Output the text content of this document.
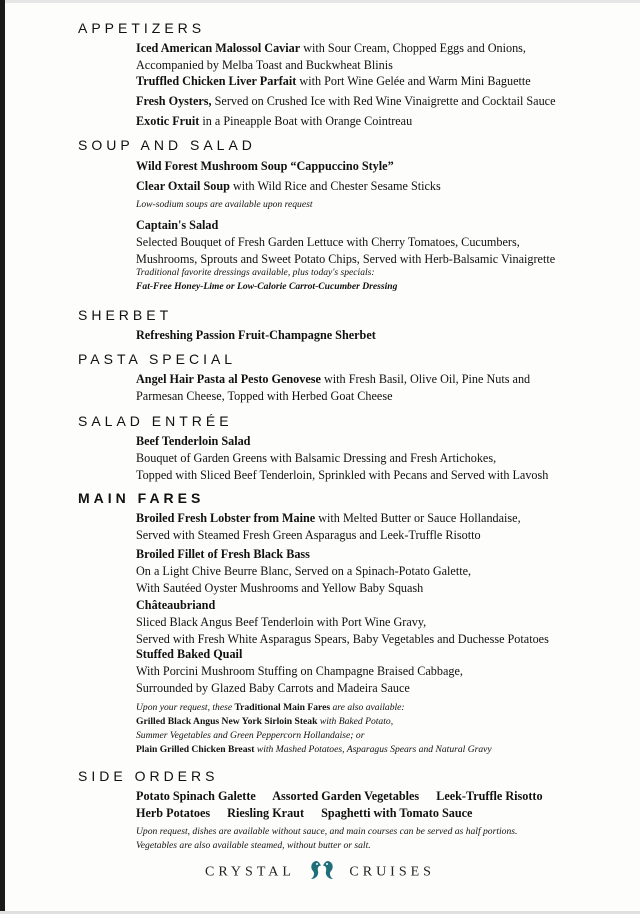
APPETIZERS
Iced American Malossol Caviar with Sour Cream, Chopped Eggs and Onions,
Accompanied by Melba Toast and Buckwheat Blinis
Truffled Chicken Liver Parfait with Port Wine Gelée and Warm Mini Baguette
Fresh Oysters, Served on Crushed Ice with Red Wine Vinaigrette and Cocktail Sauce
Exotic Fruit in a Pineapple Boat with Orange Cointreau
SOUP AND SALAD
Wild Forest Mushroom Soup “Cappuccino Style”
Clear Oxtail Soup with Wild Rice and Chester Sesame Sticks
Low-sodium soups are available upon request
Captain's Salad
Selected Bouquet of Fresh Garden Lettuce with Cherry Tomatoes, Cucumbers,
Mushrooms, Sprouts and Sweet Potato Chips, Served with Herb-Balsamic Vinaigrette
Traditional favorite dressings available, plus today's specials:
Fat-Free Honey-Lime or Low-Calorie Carrot-Cucumber Dressing
SHERBET
Refreshing Passion Fruit-Champagne Sherbet
PASTA SPECIAL
Angel Hair Pasta al Pesto Genovese with Fresh Basil, Olive Oil, Pine Nuts and
Parmesan Cheese, Topped with Herbed Goat Cheese
SALAD ENTRÉE
Beef Tenderloin Salad
Bouquet of Garden Greens with Balsamic Dressing and Fresh Artichokes,
Topped with Sliced Beef Tenderloin, Sprinkled with Pecans and Served with Lavosh
MAIN FARES
Broiled Fresh Lobster from Maine with Melted Butter or Sauce Hollandaise,
Served with Steamed Fresh Green Asparagus and Leek-Truffle Risotto
Broiled Fillet of Fresh Black Bass
On a Light Chive Beurre Blanc, Served on a Spinach-Potato Galette,
With Sautéed Oyster Mushrooms and Yellow Baby Squash
Châteaubriand
Sliced Black Angus Beef Tenderloin with Port Wine Gravy,
Served with Fresh White Asparagus Spears, Baby Vegetables and Duchesse Potatoes
Stuffed Baked Quail
With Porcini Mushroom Stuffing on Champagne Braised Cabbage,
Surrounded by Glazed Baby Carrots and Madeira Sauce
Upon your request, these Traditional Main Fares are also available:
Grilled Black Angus New York Sirloin Steak with Baked Potato,
Summer Vegetables and Green Peppercorn Hollandaise; or
Plain Grilled Chicken Breast with Mashed Potatoes, Asparagus Spears and Natural Gravy
SIDE ORDERS
Potato Spinach Galette Assorted Garden Vegetables Leek-Truffle Risotto
Herb Potatoes Riesling Kraut Spaghetti with Tomato Sauce
Upon request, dishes are available without sauce, and main courses can be served as half portions.
Vegetables are also available steamed, without butter or salt.
CRYSTAL	CRUISES
